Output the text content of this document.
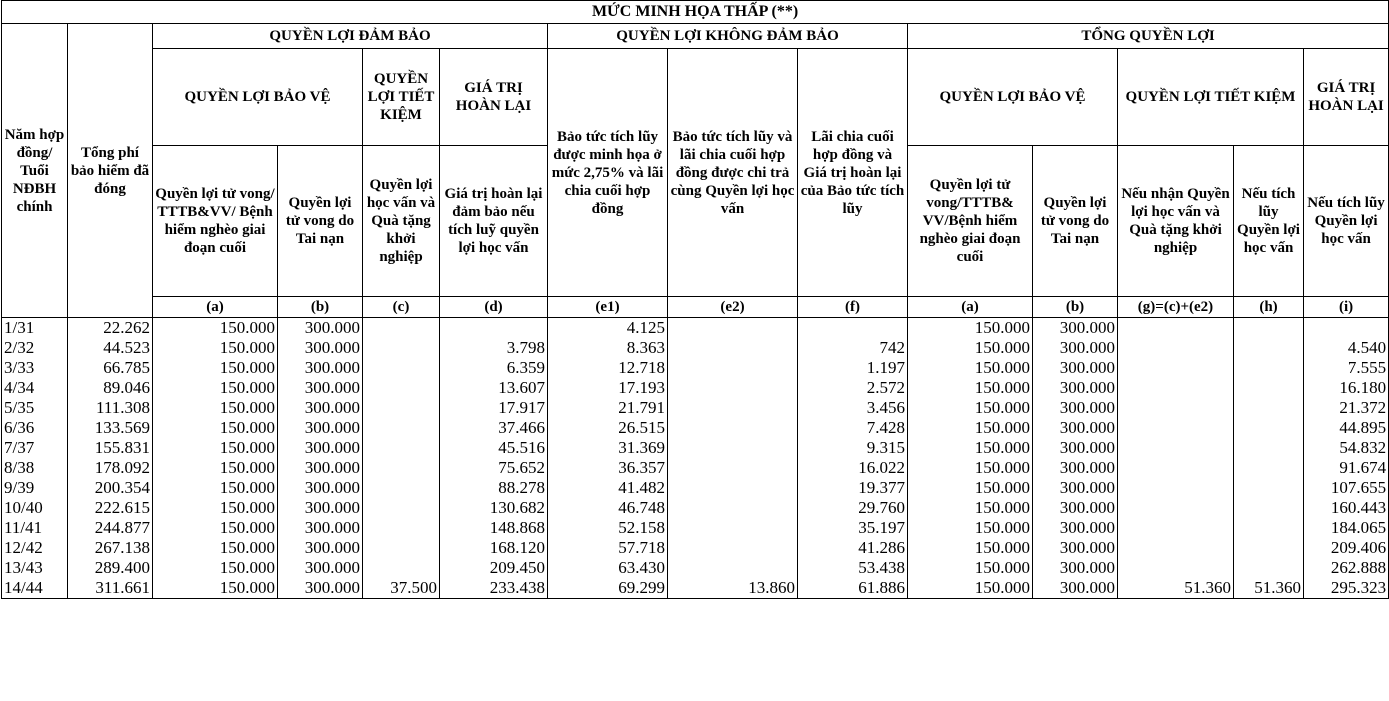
MỨC MINH HỌA THẤP (**)													
Năm hợp đồng/ Tuổi NĐBH chính	Tổng phí bảo hiểm đã đóng	QUYỀN LỢI ĐẢM BẢO				QUYỀN LỢI KHÔNG ĐẢM BẢO			TỔNG QUYỀN LỢI				
		QUYỀN LỢI BẢO VỆ		QUYỀN LỢI TIẾT KIỆM	GIÁ TRỊ HOÀN LẠI	Bảo tức tích lũy được minh họa ở mức 2,75% và lãi chia cuối hợp đồng	Bảo tức tích lũy và lãi chia cuối hợp đồng được chi trả cùng Quyền lợi học vấn	Lãi chia cuối hợp đồng và Giá trị hoàn lại của Bảo tức tích lũy	QUYỀN LỢI BẢO VỆ		QUYỀN LỢI TIẾT KIỆM		GIÁ TRỊ HOÀN LẠI
		Quyền lợi tử vong/ TTTB&VV/ Bệnh hiểm nghèo giai đoạn cuối	Quyền lợi tử vong do Tai nạn	Quyền lợi học vấn và Quà tặng khởi nghiệp	Giá trị hoàn lại đảm bảo nếu tích luỹ quyền lợi học vấn				Quyền lợi tử vong/TTTB& VV/Bệnh hiểm nghèo giai đoạn cuối	Quyền lợi tử vong do Tai nạn	Nếu nhận Quyền lợi học vấn và Quà tặng khởi nghiệp	Nếu tích lũy Quyền lợi học vấn	Nếu tích lũy Quyền lợi học vấn
		(a)	(b)	(c)	(d)	(e1)	(e2)	(f)	(a)	(b)	(g)=(c)+(e2)	(h)	(i)
1/31	22.262	150.000	300.000			4.125			150.000	300.000			
2/32	44.523	150.000	300.000		3.798	8.363		742	150.000	300.000			4.540
3/33	66.785	150.000	300.000		6.359	12.718		1.197	150.000	300.000			7.555
4/34	89.046	150.000	300.000		13.607	17.193		2.572	150.000	300.000			16.180
5/35	111.308	150.000	300.000		17.917	21.791		3.456	150.000	300.000			21.372
6/36	133.569	150.000	300.000		37.466	26.515		7.428	150.000	300.000			44.895
7/37	155.831	150.000	300.000		45.516	31.369		9.315	150.000	300.000			54.832
8/38	178.092	150.000	300.000		75.652	36.357		16.022	150.000	300.000			91.674
9/39	200.354	150.000	300.000		88.278	41.482		19.377	150.000	300.000			107.655
10/40	222.615	150.000	300.000		130.682	46.748		29.760	150.000	300.000			160.443
11/41	244.877	150.000	300.000		148.868	52.158		35.197	150.000	300.000			184.065
12/42	267.138	150.000	300.000		168.120	57.718		41.286	150.000	300.000			209.406
13/43	289.400	150.000	300.000		209.450	63.430		53.438	150.000	300.000			262.888
14/44	311.661	150.000	300.000	37.500	233.438	69.299	13.860	61.886	150.000	300.000	51.360	51.360	295.323
